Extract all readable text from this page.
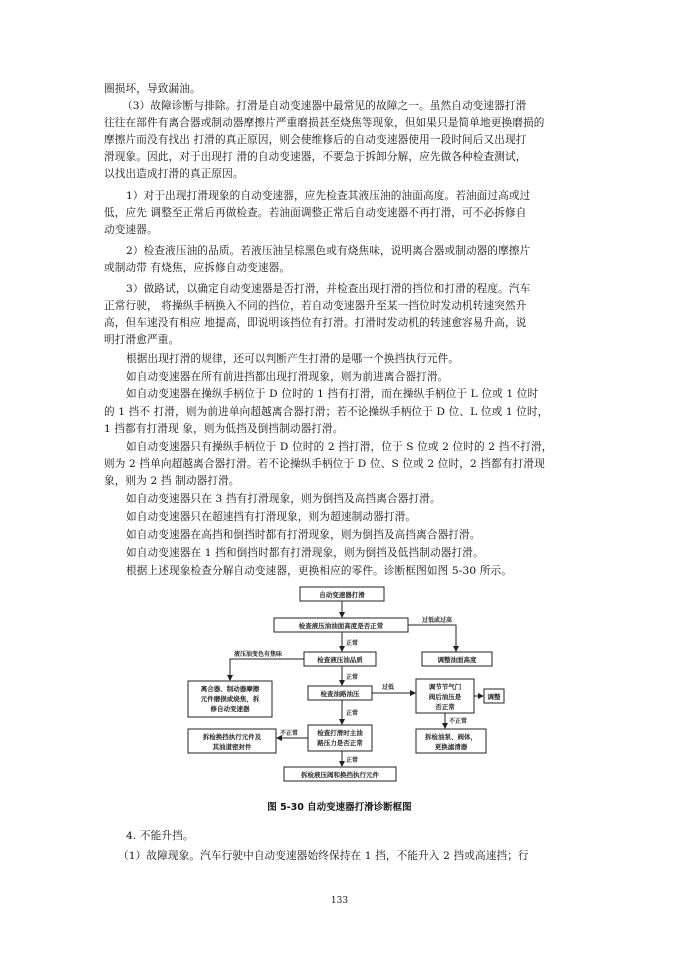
圈损坏，导致漏油。
（3）故障诊断与排除。打滑是自动变速器中最常见的故障之一。虽然自动变速器打滑
往往在部件有离合器或制动器摩擦片严重磨损甚至烧焦等现象，但如果只是简单地更换磨损的
摩擦片而没有找出 打滑的真正原因，则会使维修后的自动变速器使用一段时间后又出现打
滑现象。因此，对于出现打 滑的自动变速器，不要急于拆卸分解，应先做各种检查测试，
以找出造成打滑的真正原因。
1）对于出现打滑现象的自动变速器，应先检查其液压油的油面高度。若油面过高或过
低，应先 调整至正常后再做检查。若油面调整正常后自动变速器不再打滑，可不必拆修自
动变速器。
2）检查液压油的品质。若液压油呈棕黑色或有烧焦味，说明离合器或制动器的摩擦片
或制动带 有烧焦，应拆修自动变速器。
3）做路试，以确定自动变速器是否打滑，并检查出现打滑的挡位和打滑的程度。汽车
正常行驶， 将操纵手柄换入不同的挡位，若自动变速器升至某一挡位时发动机转速突然升
高，但车速没有相应 地提高，即说明该挡位有打滑。打滑时发动机的转速愈容易升高，说
明打滑愈严重。
根据出现打滑的规律，还可以判断产生打滑的是哪一个换挡执行元件。
如自动变速器在所有前进挡都出现打滑现象，则为前进离合器打滑。
如自动变速器在操纵手柄位于 D 位时的 1 挡有打滑，而在操纵手柄位于 L 位或 1 位时
的 1 挡不 打滑，则为前进单向超越离合器打滑；若不论操纵手柄位于 D 位、L 位或 1 位时，
1 挡都有打滑现 象，则为低挡及倒挡制动器打滑。
如自动变速器只有操纵手柄位于 D 位时的 2 挡打滑，位于 S 位或 2 位时的 2 挡不打滑，
则为 2 挡单向超越离合器打滑。若不论操纵手柄位于 D 位、S 位或 2 位时，2 挡都有打滑现
象，则为 2 挡 制动器打滑。
如自动变速器只在 3 挡有打滑现象，则为倒挡及高挡离合器打滑。
如自动变速器只在超速挡有打滑现象，则为超速制动器打滑。
如自动变速器在高挡和倒挡时都有打滑现象，则为倒挡及高挡离合器打滑。
如自动变速器在 1 挡和倒挡时都有打滑现象，则为倒挡及低挡制动器打滑。
根据上述现象检查分解自动变速器，更换相应的零件。诊断框图如图 5-30 所示。
自动变速器打滑
检查液压油油面高度是否正常
调整油面高度
检查液压油品质
离合器、制动器摩擦
元件磨损或烧焦，拆
修自动变速器
检查油路油压
调节节气门
阀后油压是
否正常
调整
拆检换挡执行元件及
其油道密封件
检查打滑时主油
路压力是否正常
拆检油泵、阀体，
更换滤清器
拆检液压阀和换挡执行元件
过低或过高
正常
液压油变色有焦味
正常
过低
正常
不正常
不正常
正常
图 5-30 自动变速器打滑诊断框图
4. 不能升挡。
（1）故障现象。汽车行驶中自动变速器始终保持在 1 挡，不能升入 2 挡或高速挡；行
133
